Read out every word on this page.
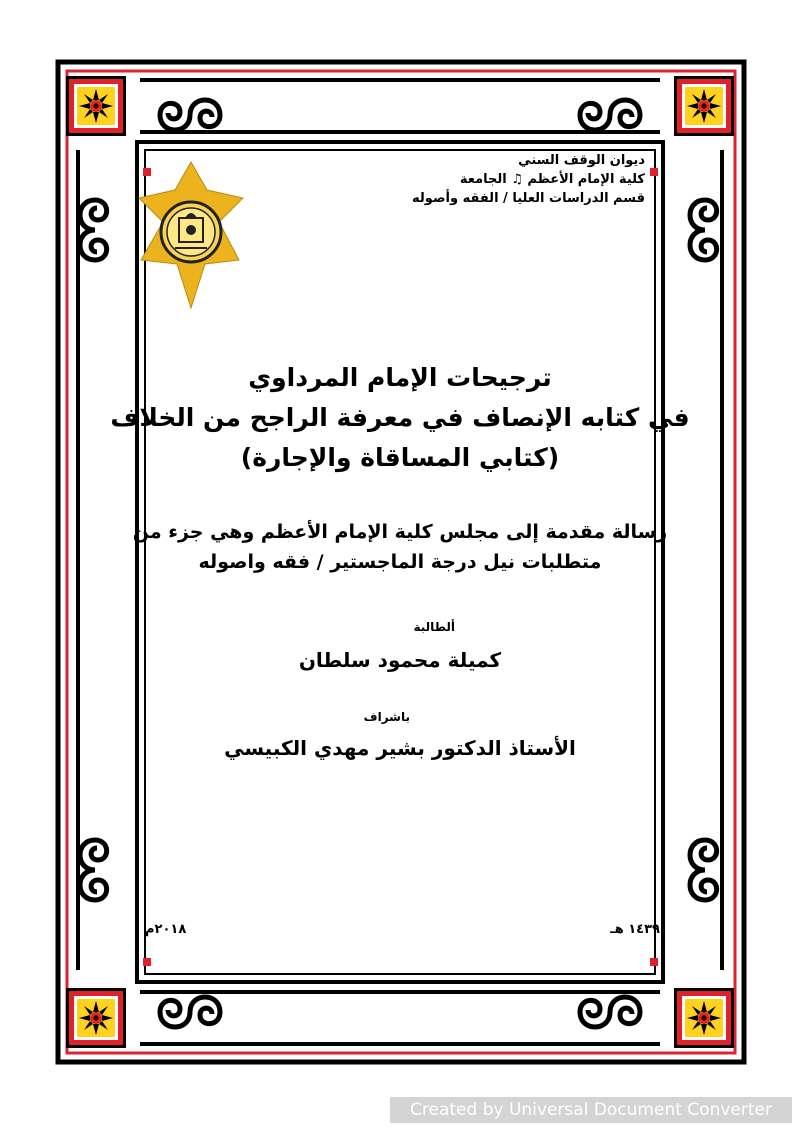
ديوان الوقف السني
كلية الإمام الأعظم ♫ الجامعة
قسم الدراسات العليا / الفقه وأصوله
ترجيحات الإمام المرداوي
في كتابه الإنصاف في معرفة الراجح من الخلاف
(كتابي المساقاة والإجارة)
رسالة مقدمة إلى مجلس كلية الإمام الأعظم وهي جزء من
متطلبات نيل درجة الماجستير / فقه واصوله
ألطالبة
كميلة محمود سلطان
باشراف
الأستاذ الدكتور بشير مهدي الكبيسي
١٤٣٩ هـ
٢٠١٨م
Created by Universal Document Converter
